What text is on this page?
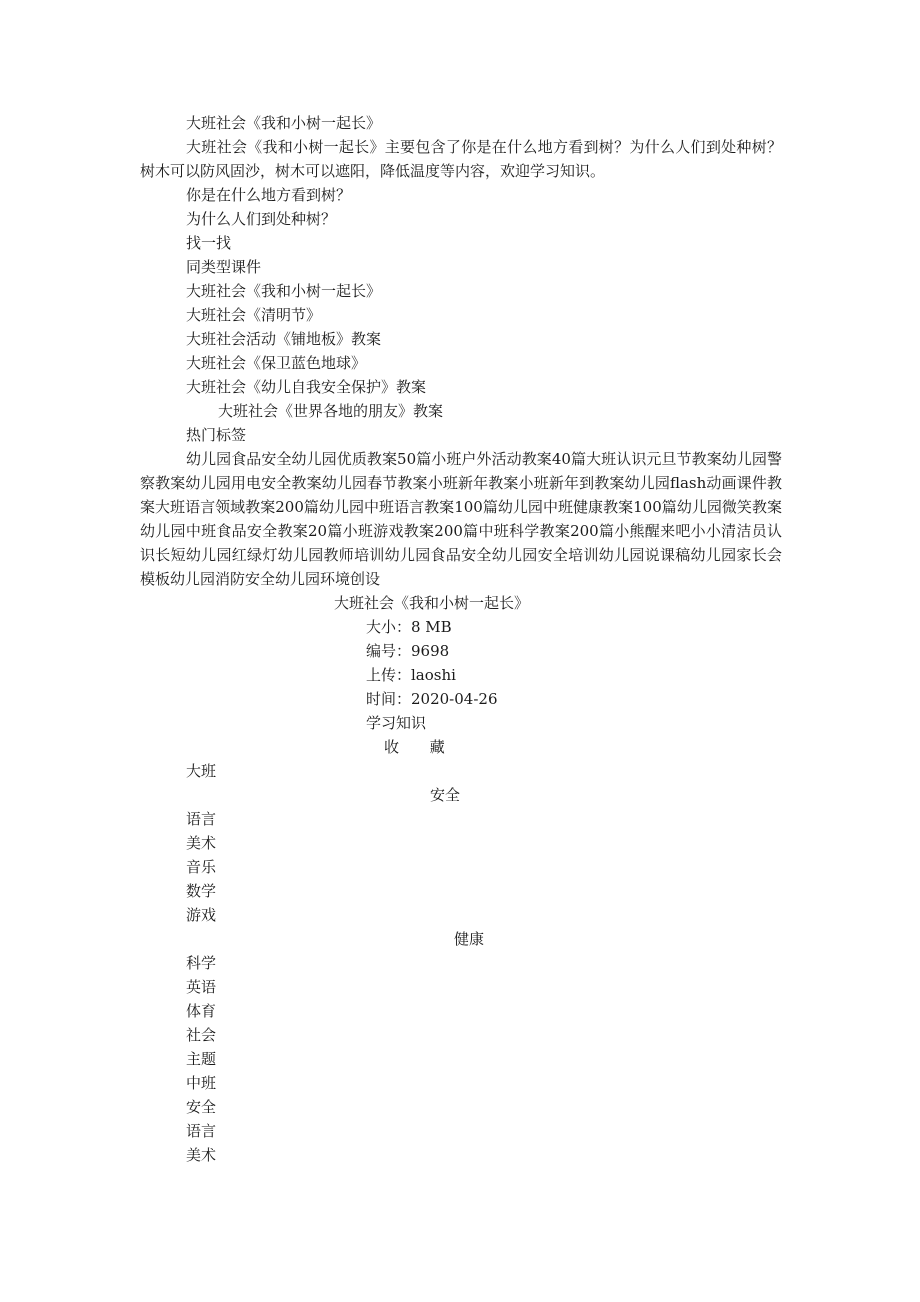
大班社会《我和小树一起长》
大班社会《我和小树一起长》主要包含了你是在什么地方看到树？为什么人们到处种树？树木可以防风固沙，树木可以遮阳，降低温度等内容，欢迎学习知识。
你是在什么地方看到树？
为什么人们到处种树？
找一找
同类型课件
大班社会《我和小树一起长》
大班社会《清明节》
大班社会活动《铺地板》教案
大班社会《保卫蓝色地球》
大班社会《幼儿自我安全保护》教案
大班社会《世界各地的朋友》教案
热门标签
幼儿园食品安全幼儿园优质教案50篇小班户外活动教案40篇大班认识元旦节教案幼儿园警察教案幼儿园用电安全教案幼儿园春节教案小班新年教案小班新年到教案幼儿园flash动画课件教案大班语言领域教案200篇幼儿园中班语言教案100篇幼儿园中班健康教案100篇幼儿园微笑教案幼儿园中班食品安全教案20篇小班游戏教案200篇中班科学教案200篇小熊醒来吧小小清洁员认识长短幼儿园红绿灯幼儿园教师培训幼儿园食品安全幼儿园安全培训幼儿园说课稿幼儿园家长会模板幼儿园消防安全幼儿园环境创设
大班社会《我和小树一起长》
大小：8 MB
编号：9698
上传：laoshi
时间：2020-04-26
学习知识
收 藏
大班
安全
语言
美术
音乐
数学
游戏
健康
科学
英语
体育
社会
主题
中班
安全
语言
美术
